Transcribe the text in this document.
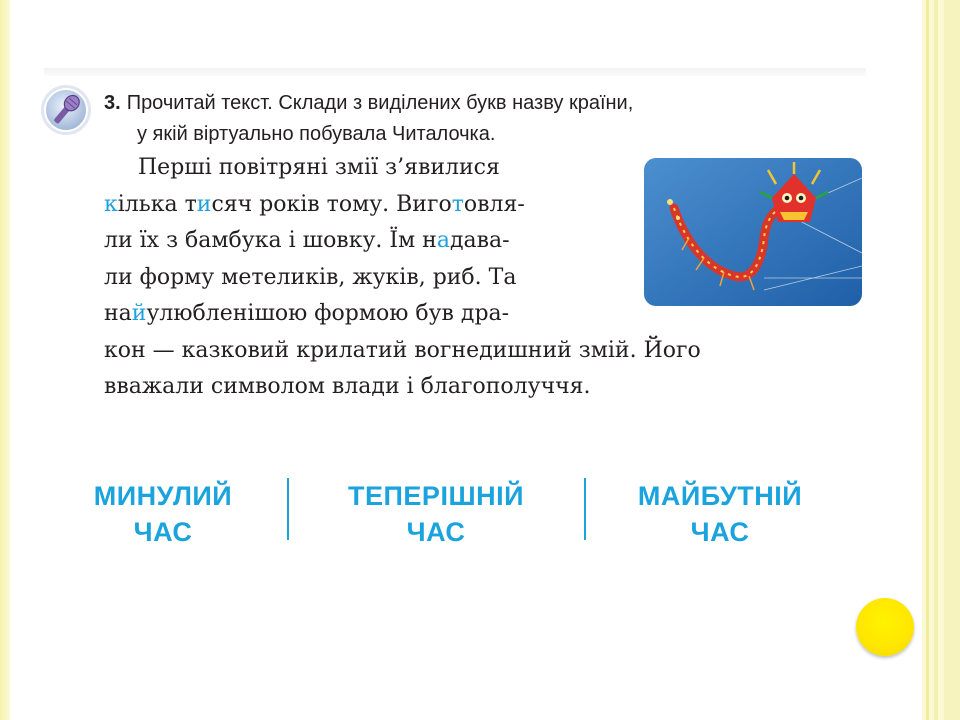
3. Прочитай текст. Склади з виділених букв назву країни,
у якій віртуально побувала Читалочка.
Перші повітряні змії з’явилися
кілька тисяч років тому. Виготовля-
ли їх з бамбука і шовку. Їм надава-
ли форму метеликів, жуків, риб. Та
найулюбленішою формою був дра-
кон — казковий крилатий вогнедишний змій. Його
вважали символом влади і благополуччя.
МИНУЛИЙ
ЧАС
ТЕПЕРІШНІЙ
ЧАС
МАЙБУТНІЙ
ЧАС
